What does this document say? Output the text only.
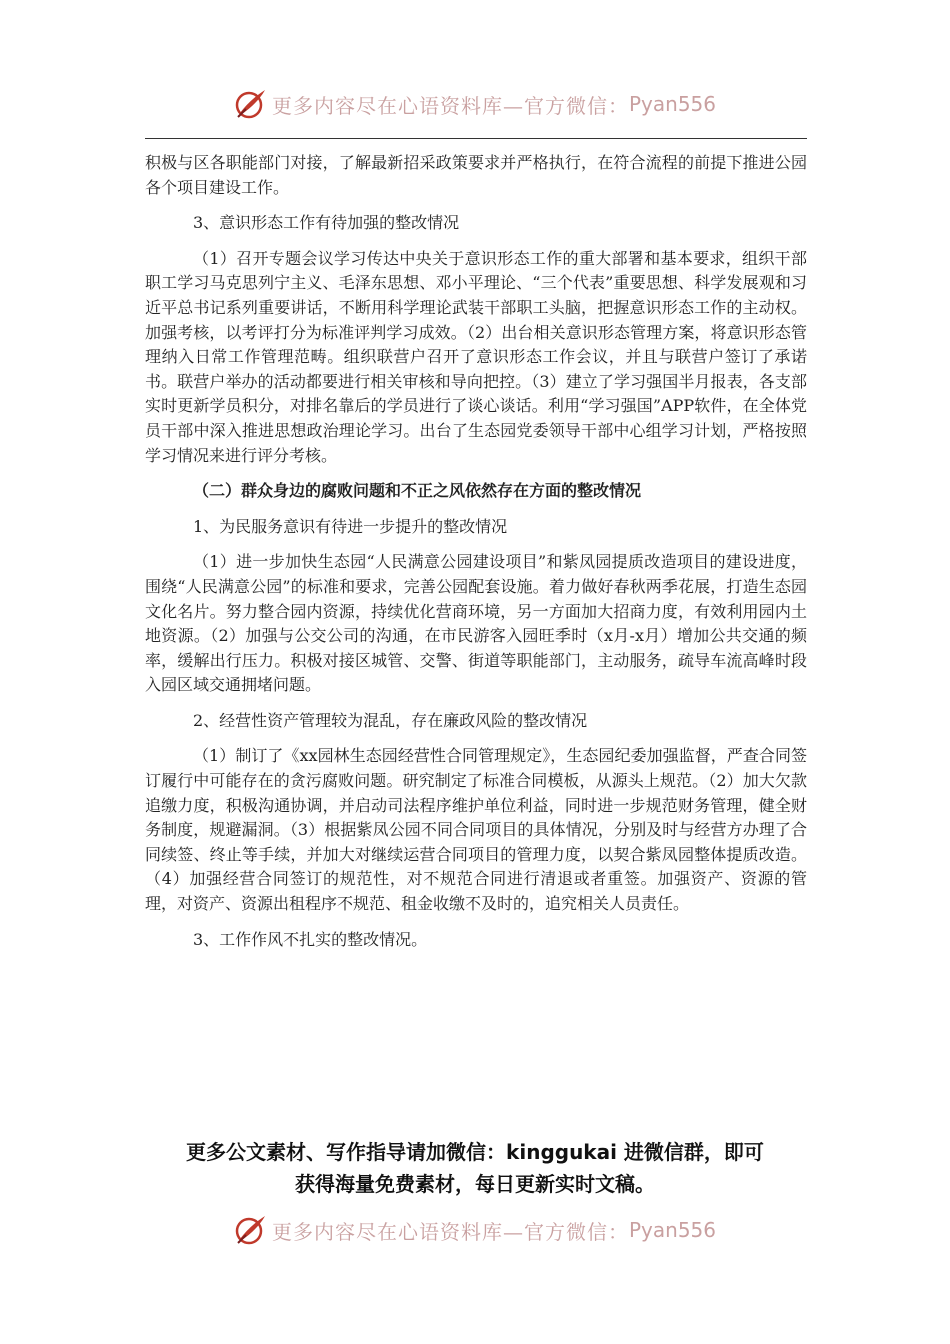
更多内容尽在心语资料库—官方微信： Pyan556

积极与区各职能部门对接，了解最新招采政策要求并严格执行，在符合流程的前提下推进公园各个项目建设工作。

3、意识形态工作有待加强的整改情况

（1）召开专题会议学习传达中央关于意识形态工作的重大部署和基本要求，组织干部职工学习马克思列宁主义、毛泽东思想、邓小平理论、“三个代表”重要思想、科学发展观和习近平总书记系列重要讲话，不断用科学理论武装干部职工头脑，把握意识形态工作的主动权。加强考核，以考评打分为标准评判学习成效。（2）出台相关意识形态管理方案，将意识形态管理纳入日常工作管理范畴。组织联营户召开了意识形态工作会议，并且与联营户签订了承诺书。联营户举办的活动都要进行相关审核和导向把控。（3）建立了学习强国半月报表，各支部实时更新学员积分，对排名靠后的学员进行了谈心谈话。利用“学习强国”APP软件，在全体党员干部中深入推进思想政治理论学习。出台了生态园党委领导干部中心组学习计划，严格按照学习情况来进行评分考核。

（二）群众身边的腐败问题和不正之风依然存在方面的整改情况

1、为民服务意识有待进一步提升的整改情况

（1）进一步加快生态园“人民满意公园建设项目”和紫凤园提质改造项目的建设进度，围绕“人民满意公园”的标准和要求，完善公园配套设施。着力做好春秋两季花展，打造生态园文化名片。努力整合园内资源，持续优化营商环境，另一方面加大招商力度，有效利用园内土地资源。（2）加强与公交公司的沟通，在市民游客入园旺季时（x月-x月）增加公共交通的频率，缓解出行压力。积极对接区城管、交警、街道等职能部门，主动服务，疏导车流高峰时段入园区域交通拥堵问题。

2、经营性资产管理较为混乱，存在廉政风险的整改情况

（1）制订了《xx园林生态园经营性合同管理规定》，生态园纪委加强监督，严查合同签订履行中可能存在的贪污腐败问题。研究制定了标准合同模板，从源头上规范。（2）加大欠款追缴力度，积极沟通协调，并启动司法程序维护单位利益，同时进一步规范财务管理，健全财务制度，规避漏洞。（3）根据紫凤公园不同合同项目的具体情况，分别及时与经营方办理了合同续签、终止等手续，并加大对继续运营合同项目的管理力度，以契合紫凤园整体提质改造。（4）加强经营合同签订的规范性，对不规范合同进行清退或者重签。加强资产、资源的管理，对资产、资源出租程序不规范、租金收缴不及时的，追究相关人员责任。

3、工作作风不扎实的整改情况。

更多公文素材、写作指导请加微信：kinggukai 进微信群，即可
获得海量免费素材，每日更新实时文稿。
更多内容尽在心语资料库—官方微信： Pyan556
